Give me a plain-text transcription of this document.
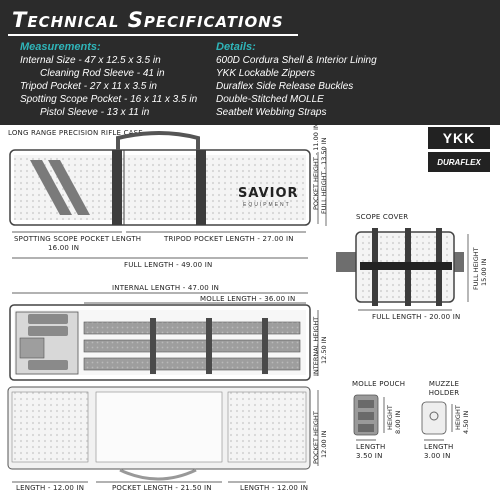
Technical Specifications
Measurements:	Details:
Internal Size - 47 x 12.5 x 3.5 in
Cleaning Rod Sleeve - 41 in
Tripod Pocket - 27 x 11 x 3.5 in
Spotting Scope Pocket - 16 x 11 x 3.5 in
Pistol Sleeve - 13 x 11 in
600D Cordura Shell & Interior Lining
YKK Lockable Zippers
Duraflex Side Release Buckles
Double-Stitched MOLLE
Seatbelt Webbing Straps
LONG RANGE PRECISION RIFLE CASE	YKK
DURAFLEX
SAVIOR
EQUIPMENT
SPOTTING SCOPE POCKET LENGTH
16.00 IN
TRIPOD POCKET LENGTH - 27.00 IN
FULL LENGTH - 49.00 IN
POCKET HEIGHT - 11.00 IN FULL HEIGHT - 13.50 IN
INTERNAL LENGTH - 47.00 IN
MOLLE LENGTH - 36.00 IN
INTERNAL HEIGHT 12.50 IN
POCKET HEIGHT 12.00 IN
LENGTH - 12.00 IN	POCKET LENGTH - 21.50 IN	LENGTH - 12.00 IN
SCOPE COVER
FULL LENGTH - 20.00 IN
FULL HEIGHT 15.00 IN
MOLLE POUCH
HEIGHT 8.00 IN
LENGTH
3.50 IN
MUZZLE HOLDER
HEIGHT 4.50 IN
LENGTH
3.00 IN
